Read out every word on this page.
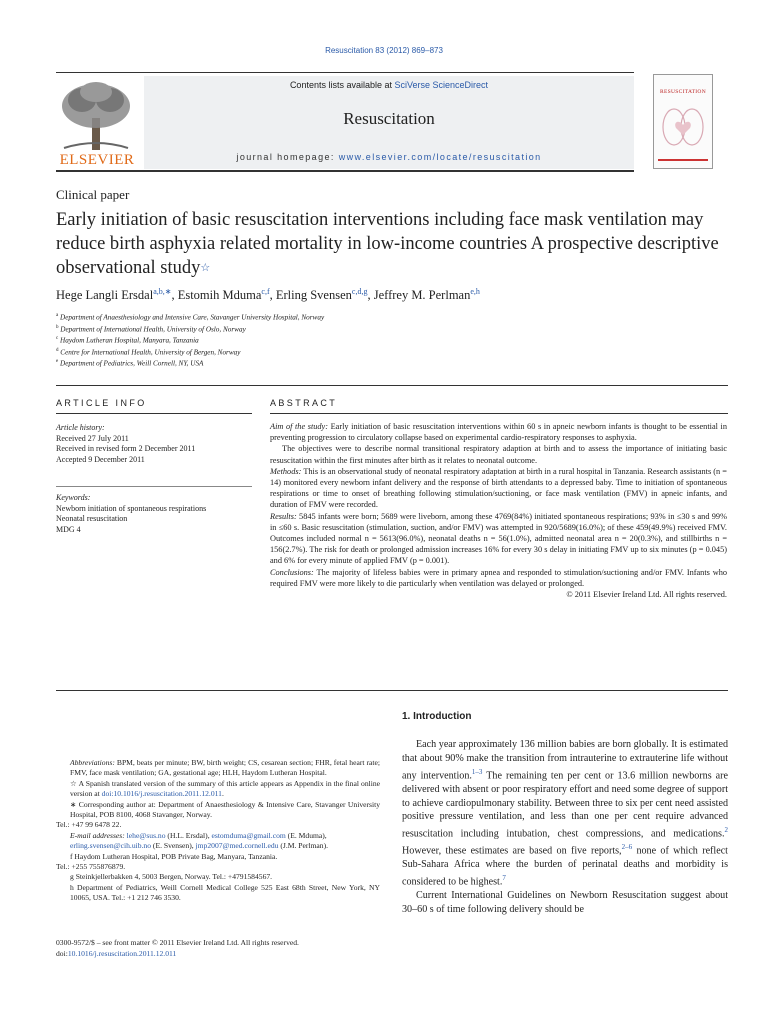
Resuscitation 83 (2012) 869–873
ELSEVIER
Contents lists available at SciVerse ScienceDirect
Resuscitation
journal homepage: www.elsevier.com/locate/resuscitation
RESUSCITATION
Clinical paper
Early initiation of basic resuscitation interventions including face mask ventilation may reduce birth asphyxia related mortality in low-income countries A prospective descriptive observational study☆
Hege Langli Ersdal$^{a,b,∗}$, Estomih Mduma$^{c,f}$, Erling Svensen$^{c,d,g}$, Jeffrey M. Perlman$^{e,h}$
$^a$ Department of Anaesthesiology and Intensive Care, Stavanger University Hospital, Norway
$^b$ Department of International Health, University of Oslo, Norway
$^c$ Haydom Lutheran Hospital, Manyara, Tanzania
$^d$ Centre for International Health, University of Bergen, Norway
$^e$ Department of Pediatrics, Weill Cornell, NY, USA
ARTICLE INFO	ABSTRACT
Article history:
Received 27 July 2011
Received in revised form 2 December 2011
Accepted 9 December 2011
Keywords:
Newborn initiation of spontaneous respirations
Neonatal resuscitation
MDG 4

Aim of the study: Early initiation of basic resuscitation interventions within 60 s in apneic newborn infants is thought to be essential in preventing progression to circulatory collapse based on experimental cardio-respiratory responses to asphyxia.

The objectives were to describe normal transitional respiratory adaption at birth and to assess the importance of initiating basic resuscitation within the first minutes after birth as it relates to neonatal outcome.

Methods: This is an observational study of neonatal respiratory adaptation at birth in a rural hospital in Tanzania. Research assistants (n = 14) monitored every newborn infant delivery and the response of birth attendants to a depressed baby. Time to initiation of spontaneous respirations or time to onset of breathing following stimulation/suctioning, or face mask ventilation (FMV) in apneic infants, and duration of FMV were recorded.

Results: 5845 infants were born; 5689 were liveborn, among these 4769(84%) initiated spontaneous respirations; 93% in ≤30 s and 99% in ≤60 s. Basic resuscitation (stimulation, suction, and/or FMV) was attempted in 920/5689(16.0%); of these 459(49.9%) received FMV. Outcomes included normal n = 5613(96.0%), neonatal deaths n = 56(1.0%), admitted neonatal area n = 20(0.3%), and stillbirths n = 156(2.7%). The risk for death or prolonged admission increases 16% for every 30 s delay in initiating FMV up to six minutes (p = 0.045) and 6% for every minute of applied FMV (p = 0.001).

Conclusions: The majority of lifeless babies were in primary apnea and responded to stimulation/suctioning and/or FMV. Infants who required FMV were more likely to die particularly when ventilation was delayed or prolonged.

© 2011 Elsevier Ireland Ltd. All rights reserved.

1. Introduction

Each year approximately 136 million babies are born globally. It is estimated that about 90% make the transition from intrauterine to extrauterine life without any intervention.$^{1-3}$ The remaining ten per cent or 13.6 million newborns are delivered with absent or poor respiratory effort and need some degree of support to achieve cardiopulmonary stability. Between three to six per cent need assisted positive pressure ventilation, and less than one per cent require advanced resuscitation including intubation, chest compressions, and medications.$^2$ However, these estimates are based on five reports,$^{2-6}$ none of which reflect Sub-Sahara Africa where the burden of perinatal deaths and morbidity is considered to be highest.$^7$

Current International Guidelines on Newborn Resuscitation suggest about 30–60 s of time following delivery should be

Abbreviations: BPM, beats per minute; BW, birth weight; CS, cesarean section; FHR, fetal heart rate; FMV, face mask ventilation; GA, gestational age; HLH, Haydom Lutheran Hospital.

☆ A Spanish translated version of the summary of this article appears as Appendix in the final online version at doi:10.1016/j.resuscitation.2011.12.011.

∗ Corresponding author at: Department of Anaesthesiology & Intensive Care, Stavanger University Hospital, POB 8100, 4068 Stavanger, Norway.

Tel.: +47 99 6478 22.

E-mail addresses: lehe@sus.no (H.L. Ersdal), estomduma@gmail.com (E. Mduma),
erling.svensen@cih.uib.no (E. Svensen), jmp2007@med.cornell.edu (J.M. Perlman).

f Haydom Lutheran Hospital, POB Private Bag, Manyara, Tanzania.

Tel.: +255 755876879.

g Steinkjellerbakken 4, 5003 Bergen, Norway. Tel.: +4791584567.

h Department of Pediatrics, Weill Cornell Medical College 525 East 68th Street, New York, NY 10065, USA. Tel.: +1 212 746 3530.

0300-9572/$ – see front matter © 2011 Elsevier Ireland Ltd. All rights reserved.
doi:10.1016/j.resuscitation.2011.12.011
